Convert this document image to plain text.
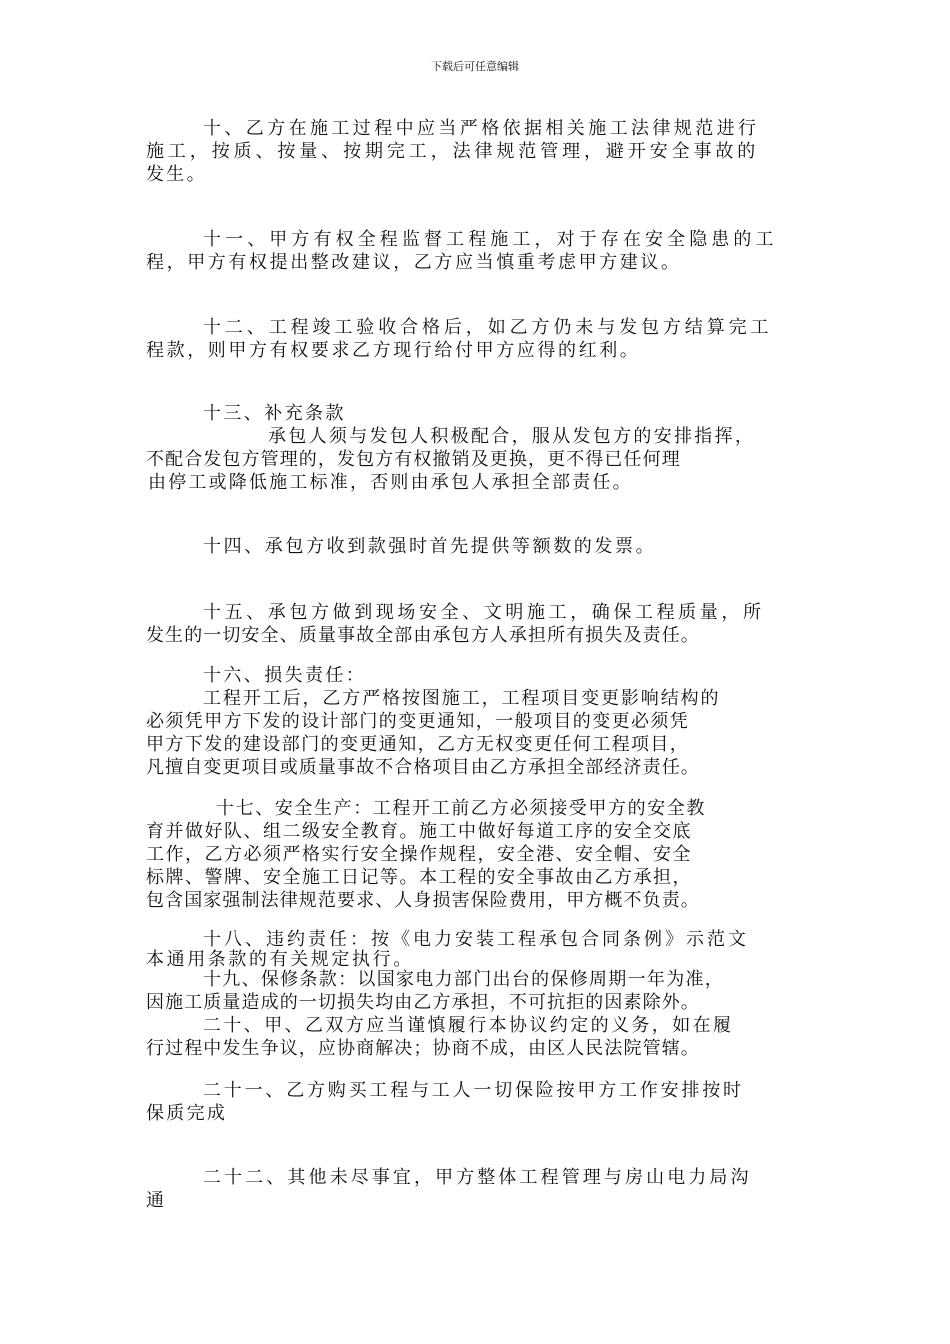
下载后可任意编辑
十、乙方在施工过程中应当严格依据相关施工法律规范进行
施工，按质、按量、按期完工，法律规范管理，避开安全事故的
发生。
十一、甲方有权全程监督工程施工，对于存在安全隐患的工
程，甲方有权提出整改建议，乙方应当慎重考虑甲方建议。
十二、工程竣工验收合格后，如乙方仍未与发包方结算完工
程款，则甲方有权要求乙方现行给付甲方应得的红利。
十三、补充条款
承包人须与发包人积极配合，服从发包方的安排指挥，
不配合发包方管理的，发包方有权撤销及更换，更不得已任何理
由停工或降低施工标准，否则由承包人承担全部责任。
十四、承包方收到款强时首先提供等额数的发票。
十五、承包方做到现场安全、文明施工，确保工程质量，所
发生的一切安全、质量事故全部由承包方人承担所有损失及责任。
十六、损失责任：
工程开工后，乙方严格按图施工，工程项目变更影响结构的
必须凭甲方下发的设计部门的变更通知，一般项目的变更必须凭
甲方下发的建设部门的变更通知，乙方无权变更任何工程项目，
凡擅自变更项目或质量事故不合格项目由乙方承担全部经济责任。
十七、安全生产：工程开工前乙方必须接受甲方的安全教
育并做好队、组二级安全教育。施工中做好每道工序的安全交底
工作，乙方必须严格实行安全操作规程，安全港、安全帽、安全
标牌、警牌、安全施工日记等。本工程的安全事故由乙方承担，
包含国家强制法律规范要求、人身损害保险费用，甲方概不负责。
十八、违约责任：按《电力安装工程承包合同条例》示范文
本通用条款的有关规定执行。
十九、保修条款：以国家电力部门出台的保修周期一年为准，
因施工质量造成的一切损失均由乙方承担，不可抗拒的因素除外。
二十、甲、乙双方应当谨慎履行本协议约定的义务，如在履
行过程中发生争议，应协商解决；协商不成，由区人民法院管辖。
二十一、乙方购买工程与工人一切保险按甲方工作安排按时
保质完成
二十二、其他未尽事宜，甲方整体工程管理与房山电力局沟
通
